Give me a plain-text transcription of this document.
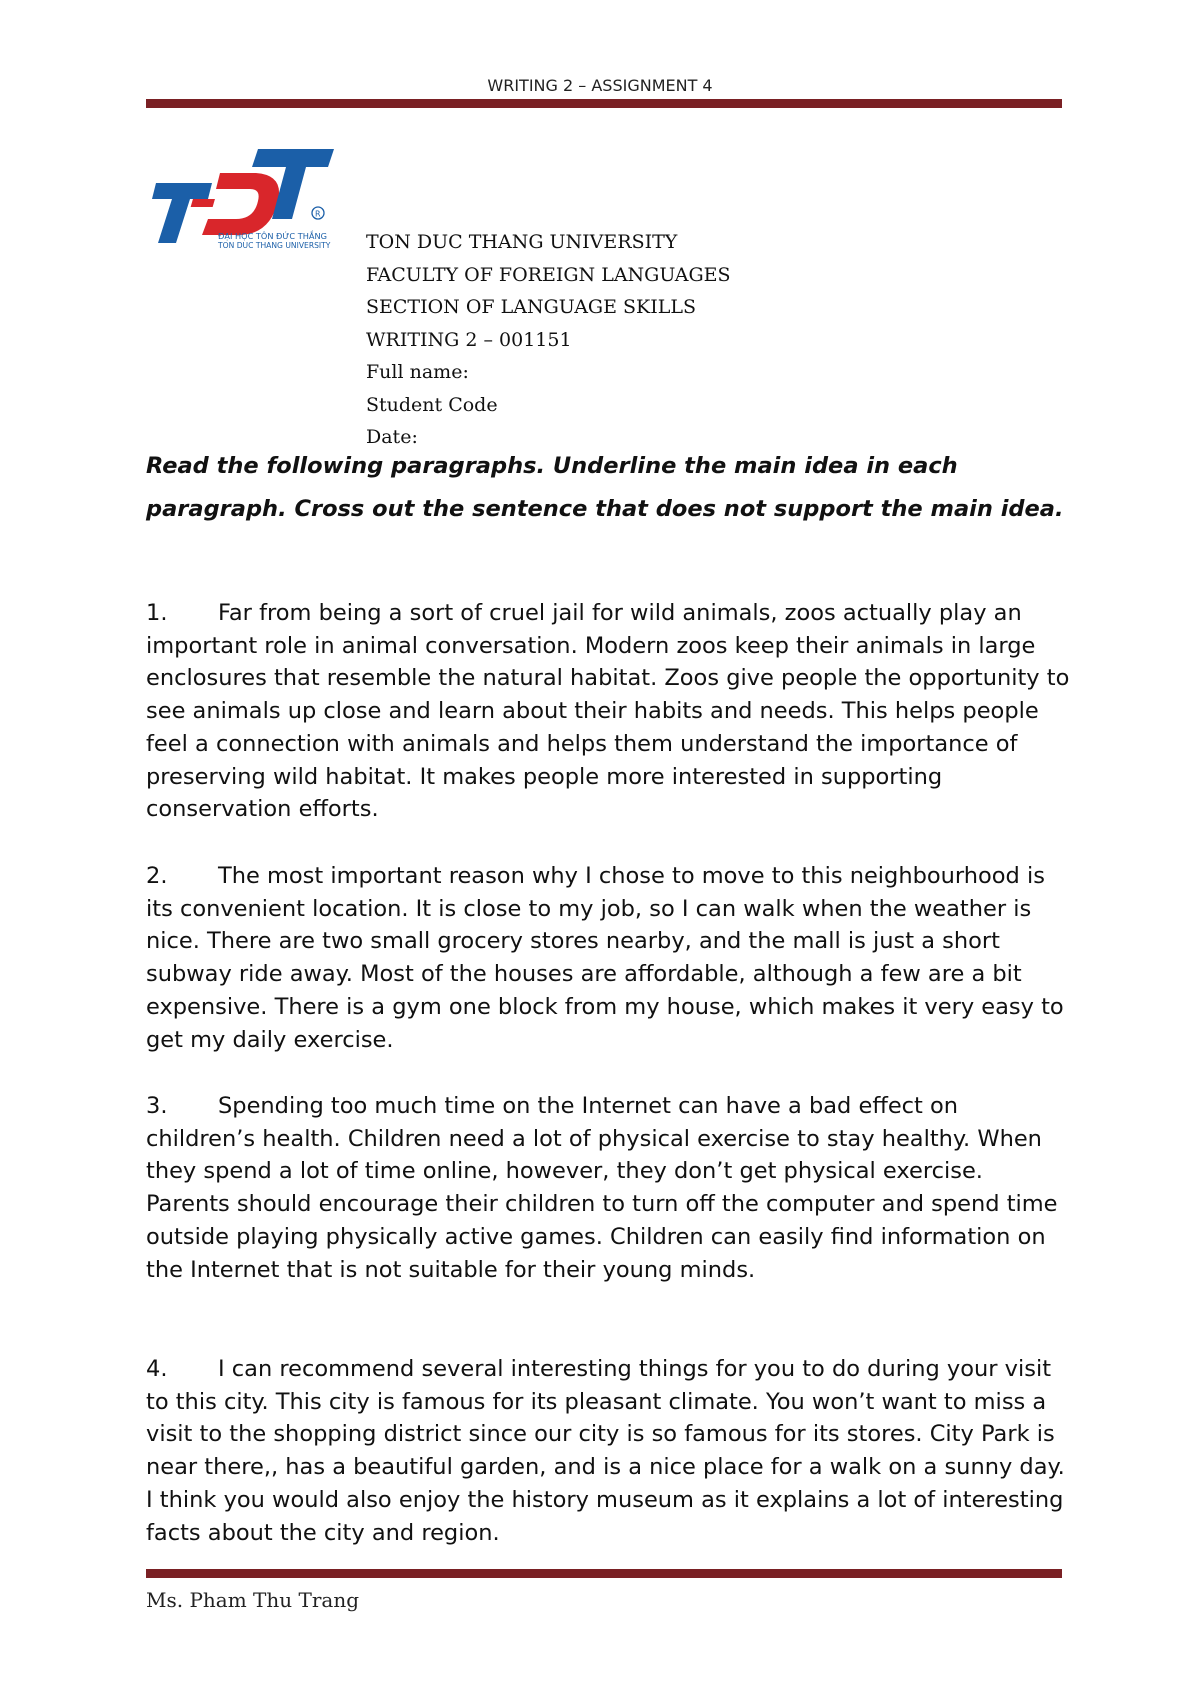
WRITING 2 – ASSIGNMENT 4
R
ĐẠI HỌC TÔN ĐỨC THẮNG
TON DUC THANG UNIVERSITY TON DUC THANG UNIVERSITY
FACULTY OF FOREIGN LANGUAGES
SECTION OF LANGUAGE SKILLS
WRITING 2 – 001151
Full name:
Student Code
Date:

Read the following paragraphs. Underline the main idea in each paragraph. Cross out the sentence that does not support the main idea.

1. Far from being a sort of cruel jail for wild animals, zoos actually play an important role in animal conversation. Modern zoos keep their animals in large enclosures that resemble the natural habitat. Zoos give people the opportunity to see animals up close and learn about their habits and needs. This helps people feel a connection with animals and helps them understand the importance of preserving wild habitat. It makes people more interested in supporting conservation efforts.

2. The most important reason why I chose to move to this neighbourhood is its convenient location. It is close to my job, so I can walk when the weather is nice. There are two small grocery stores nearby, and the mall is just a short subway ride away. Most of the houses are affordable, although a few are a bit expensive. There is a gym one block from my house, which makes it very easy to get my daily exercise.

3. Spending too much time on the Internet can have a bad effect on children’s health. Children need a lot of physical exercise to stay healthy. When they spend a lot of time online, however, they don’t get physical exercise. Parents should encourage their children to turn off the computer and spend time outside playing physically active games. Children can easily find information on the Internet that is not suitable for their young minds.

4. I can recommend several interesting things for you to do during your visit to this city. This city is famous for its pleasant climate. You won’t want to miss a visit to the shopping district since our city is so famous for its stores. City Park is near there,, has a beautiful garden, and is a nice place for a walk on a sunny day. I think you would also enjoy the history museum as it explains a lot of interesting facts about the city and region.

Ms. Pham Thu Trang
